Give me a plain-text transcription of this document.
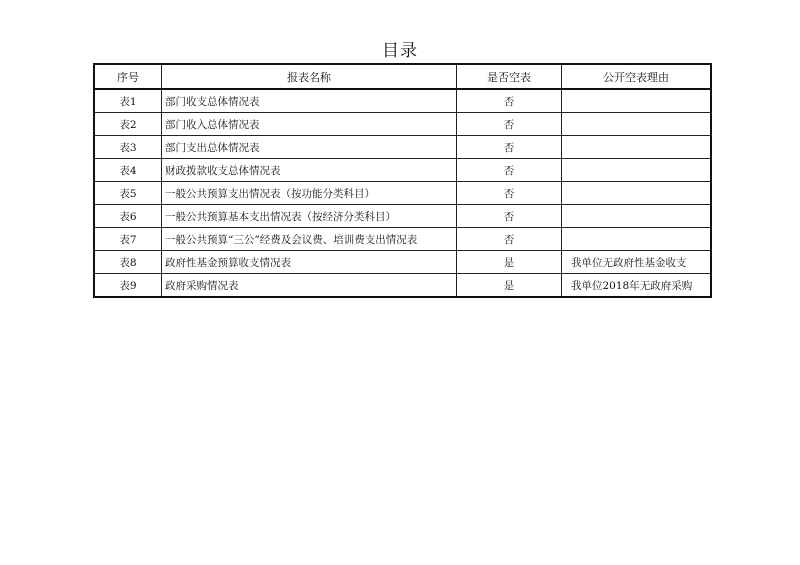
目录
序号	报表名称	是否空表	公开空表理由
表1	部门收支总体情况表	否	
表2	部门收入总体情况表	否	
表3	部门支出总体情况表	否	
表4	财政拨款收支总体情况表	否	
表5	一般公共预算支出情况表（按功能分类科目）	否	
表6	一般公共预算基本支出情况表（按经济分类科目）	否	
表7	一般公共预算“三公”经费及会议费、培训费支出情况表	否	
表8	政府性基金预算收支情况表	是	我单位无政府性基金收支
表9	政府采购情况表	是	我单位2018年无政府采购
